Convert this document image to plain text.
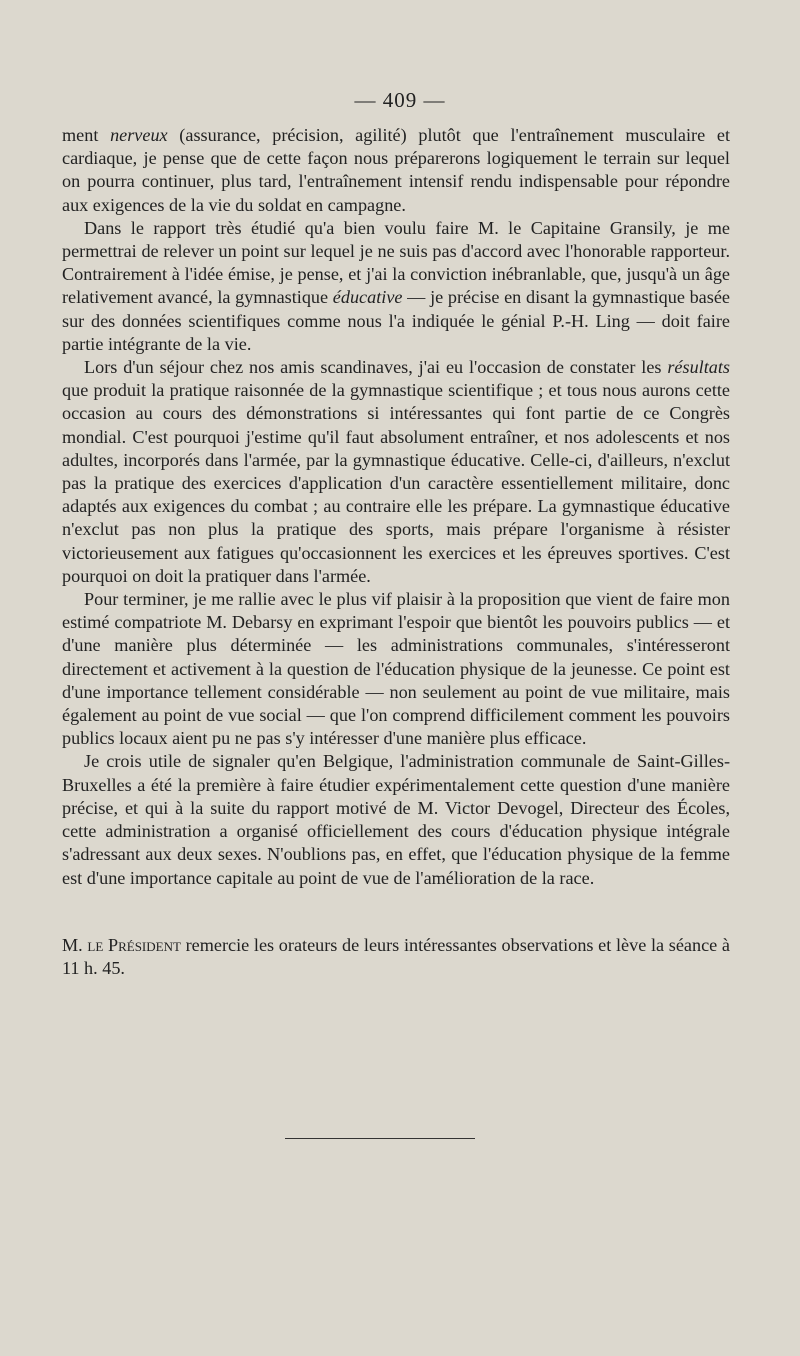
— 409 —

ment nerveux (assurance, précision, agilité) plutôt que l'entraînement musculaire et cardiaque, je pense que de cette façon nous préparerons logiquement le terrain sur lequel on pourra continuer, plus tard, l'entraînement intensif rendu indispensable pour répondre aux exigences de la vie du soldat en campagne.

Dans le rapport très étudié qu'a bien voulu faire M. le Capitaine Gransily, je me permettrai de relever un point sur lequel je ne suis pas d'accord avec l'honorable rapporteur. Contrairement à l'idée émise, je pense, et j'ai la conviction inébranlable, que, jusqu'à un âge relativement avancé, la gymnastique éducative — je précise en disant la gymnastique basée sur des données scientifiques comme nous l'a indiquée le génial P.-H. Ling — doit faire partie intégrante de la vie.

Lors d'un séjour chez nos amis scandinaves, j'ai eu l'occasion de constater les résultats que produit la pratique raisonnée de la gymnastique scientifique ; et tous nous aurons cette occasion au cours des démonstrations si intéressantes qui font partie de ce Congrès mondial. C'est pourquoi j'estime qu'il faut absolument entraîner, et nos adolescents et nos adultes, incorporés dans l'armée, par la gymnastique éducative. Celle-ci, d'ailleurs, n'exclut pas la pratique des exercices d'application d'un caractère essentiellement militaire, donc adaptés aux exigences du combat ; au contraire elle les prépare. La gymnastique éducative n'exclut pas non plus la pratique des sports, mais prépare l'organisme à résister victorieusement aux fatigues qu'occasionnent les exercices et les épreuves sportives. C'est pourquoi on doit la pratiquer dans l'armée.

Pour terminer, je me rallie avec le plus vif plaisir à la proposition que vient de faire mon estimé compatriote M. Debarsy en exprimant l'espoir que bientôt les pouvoirs publics — et d'une manière plus déterminée — les administrations communales, s'intéresseront directement et activement à la question de l'éducation physique de la jeunesse. Ce point est d'une importance tellement considérable — non seulement au point de vue militaire, mais également au point de vue social — que l'on comprend difficilement comment les pouvoirs publics locaux aient pu ne pas s'y intéresser d'une manière plus efficace.

Je crois utile de signaler qu'en Belgique, l'administration communale de Saint-Gilles-Bruxelles a été la première à faire étudier expérimentalement cette question d'une manière précise, et qui à la suite du rapport motivé de M. Victor Devogel, Directeur des Écoles, cette administration a organisé officiellement des cours d'éducation physique intégrale s'adressant aux deux sexes. N'oublions pas, en effet, que l'éducation physique de la femme est d'une importance capitale au point de vue de l'amélioration de la race.

M. le Président remercie les orateurs de leurs intéressantes observations et lève la séance à 11 h. 45.
